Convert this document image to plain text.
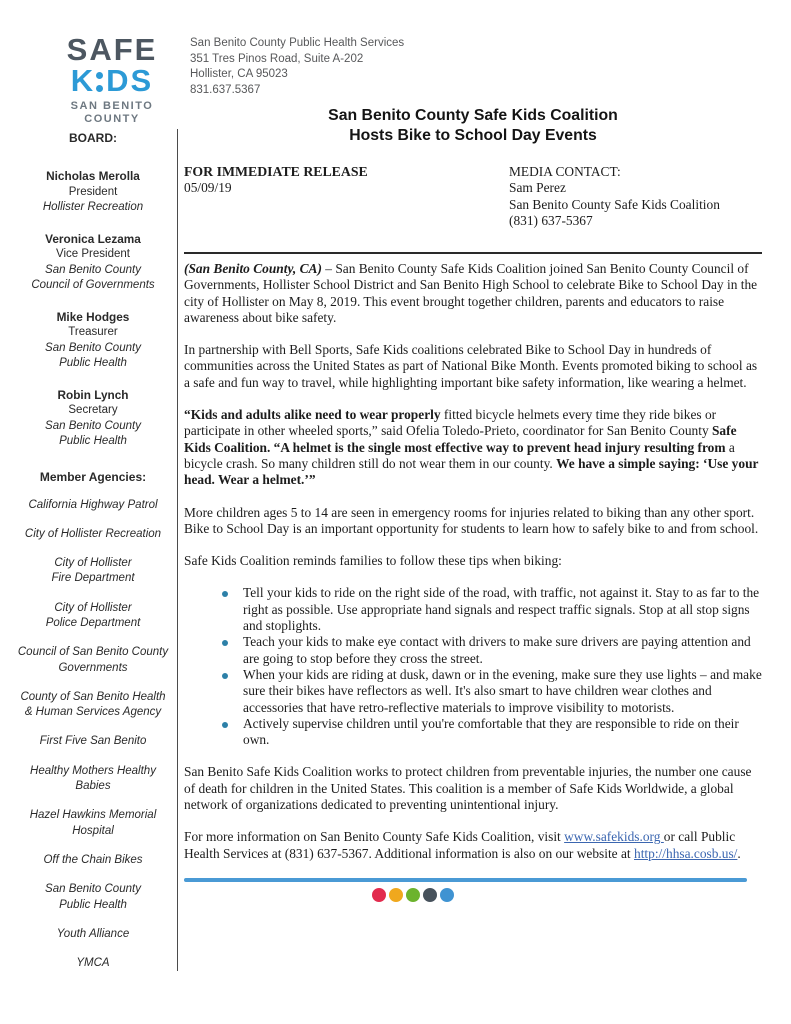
SAFE
K DS
SAN BENITO
COUNTY
San Benito County Public Health Services
351 Tres Pinos Road, Suite A-202
Hollister, CA 95023
831.637.5367
BOARD:
Nicholas Merolla
President
Hollister Recreation
Veronica Lezama
Vice President
San Benito County
Council of Governments
Mike Hodges
Treasurer
San Benito County
Public Health
Robin Lynch
Secretary
San Benito County
Public Health
Member Agencies:
California Highway Patrol
City of Hollister Recreation
City of Hollister
Fire Department
City of Hollister
Police Department
Council of San Benito County
Governments
County of San Benito Health
& Human Services Agency
First Five San Benito
Healthy Mothers Healthy
Babies
Hazel Hawkins Memorial
Hospital
Off the Chain Bikes
San Benito County
Public Health
Youth Alliance
YMCA
San Benito County Safe Kids Coalition
Hosts Bike to School Day Events
FOR IMMEDIATE RELEASE
05/09/19
MEDIA CONTACT:
Sam Perez
San Benito County Safe Kids Coalition
(831) 637-5367

(San Benito County, CA) – San Benito County Safe Kids Coalition joined San Benito County Council of Governments, Hollister School District and San Benito High School to celebrate Bike to School Day in the city of Hollister on May 8, 2019. This event brought together children, parents and educators to raise awareness about bike safety.

In partnership with Bell Sports, Safe Kids coalitions celebrated Bike to School Day in hundreds of communities across the United States as part of National Bike Month. Events promoted biking to school as a safe and fun way to travel, while highlighting important bike safety information, like wearing a helmet.

“Kids and adults alike need to wear properly fitted bicycle helmets every time they ride bikes or participate in other wheeled sports,” said Ofelia Toledo-Prieto, coordinator for San Benito County Safe Kids Coalition. “A helmet is the single most effective way to prevent head injury resulting from a bicycle crash. So many children still do not wear them in our county. We have a simple saying: ‘Use your head. Wear a helmet.’”

More children ages 5 to 14 are seen in emergency rooms for injuries related to biking than any other sport. Bike to School Day is an important opportunity for students to learn how to safely bike to and from school.

Safe Kids Coalition reminds families to follow these tips when biking:

Tell your kids to ride on the right side of the road, with traffic, not against it. Stay to as far to the right as possible. Use appropriate hand signals and respect traffic signals. Stop at all stop signs and stoplights.
Teach your kids to make eye contact with drivers to make sure drivers are paying attention and are going to stop before they cross the street.
When your kids are riding at dusk, dawn or in the evening, make sure they use lights – and make sure their bikes have reflectors as well. It's also smart to have children wear clothes and accessories that have retro-reflective materials to improve visibility to motorists.
Actively supervise children until you're comfortable that they are responsible to ride on their own.

San Benito Safe Kids Coalition works to protect children from preventable injuries, the number one cause of death for children in the United States. This coalition is a member of Safe Kids Worldwide, a global network of organizations dedicated to preventing unintentional injury.

For more information on San Benito County Safe Kids Coalition, visit www.safekids.org or call Public Health Services at (831) 637-5367. Additional information is also on our website at http://hhsa.cosb.us/.
